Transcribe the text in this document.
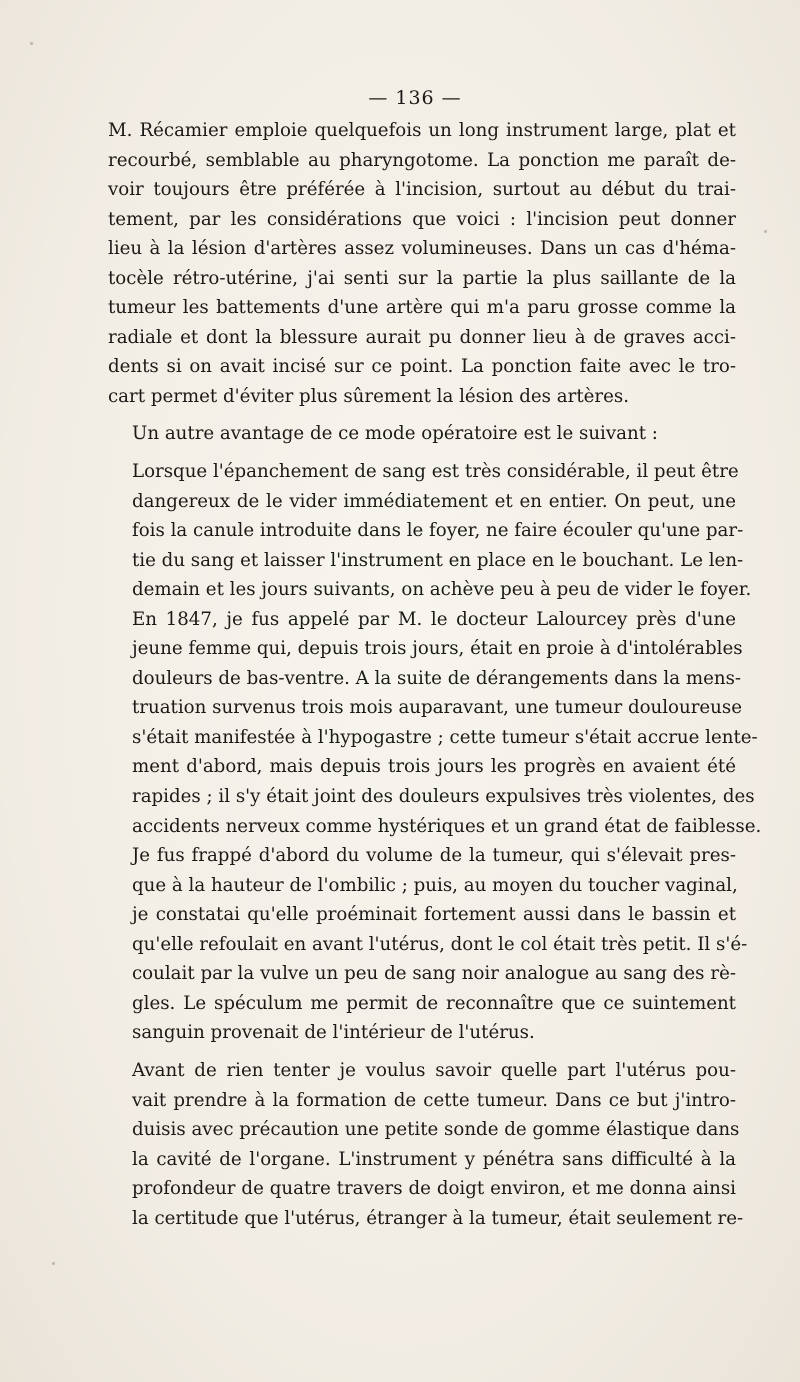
— 136 —

M. Récamier emploie quelquefois un long instrument large, plat et
recourbé, semblable au pharyngotome. La ponction me paraît de-
voir toujours être préférée à l'incision, surtout au début du trai-
tement, par les considérations que voici : l'incision peut donner
lieu à la lésion d'artères assez volumineuses. Dans un cas d'héma-
tocèle rétro-utérine, j'ai senti sur la partie la plus saillante de la
tumeur les battements d'une artère qui m'a paru grosse comme la
radiale et dont la blessure aurait pu donner lieu à de graves acci-
dents si on avait incisé sur ce point. La ponction faite avec le tro-
cart permet d'éviter plus sûrement la lésion des artères.

Un autre avantage de ce mode opératoire est le suivant :

Lorsque l'épanchement de sang est très considérable, il peut être
dangereux de le vider immédiatement et en entier. On peut, une
fois la canule introduite dans le foyer, ne faire écouler qu'une par-
tie du sang et laisser l'instrument en place en le bouchant. Le len-
demain et les jours suivants, on achève peu à peu de vider le foyer.
En 1847, je fus appelé par M. le docteur Lalourcey près d'une
jeune femme qui, depuis trois jours, était en proie à d'intolérables
douleurs de bas-ventre. A la suite de dérangements dans la mens-
truation survenus trois mois auparavant, une tumeur douloureuse
s'était manifestée à l'hypogastre ; cette tumeur s'était accrue lente-
ment d'abord, mais depuis trois jours les progrès en avaient été
rapides ; il s'y était joint des douleurs expulsives très violentes, des
accidents nerveux comme hystériques et un grand état de faiblesse.
Je fus frappé d'abord du volume de la tumeur, qui s'élevait pres-
que à la hauteur de l'ombilic ; puis, au moyen du toucher vaginal,
je constatai qu'elle proéminait fortement aussi dans le bassin et
qu'elle refoulait en avant l'utérus, dont le col était très petit. Il s'é-
coulait par la vulve un peu de sang noir analogue au sang des rè-
gles. Le spéculum me permit de reconnaître que ce suintement
sanguin provenait de l'intérieur de l'utérus.

Avant de rien tenter je voulus savoir quelle part l'utérus pou-
vait prendre à la formation de cette tumeur. Dans ce but j'intro-
duisis avec précaution une petite sonde de gomme élastique dans
la cavité de l'organe. L'instrument y pénétra sans difficulté à la
profondeur de quatre travers de doigt environ, et me donna ainsi
la certitude que l'utérus, étranger à la tumeur, était seulement re-
